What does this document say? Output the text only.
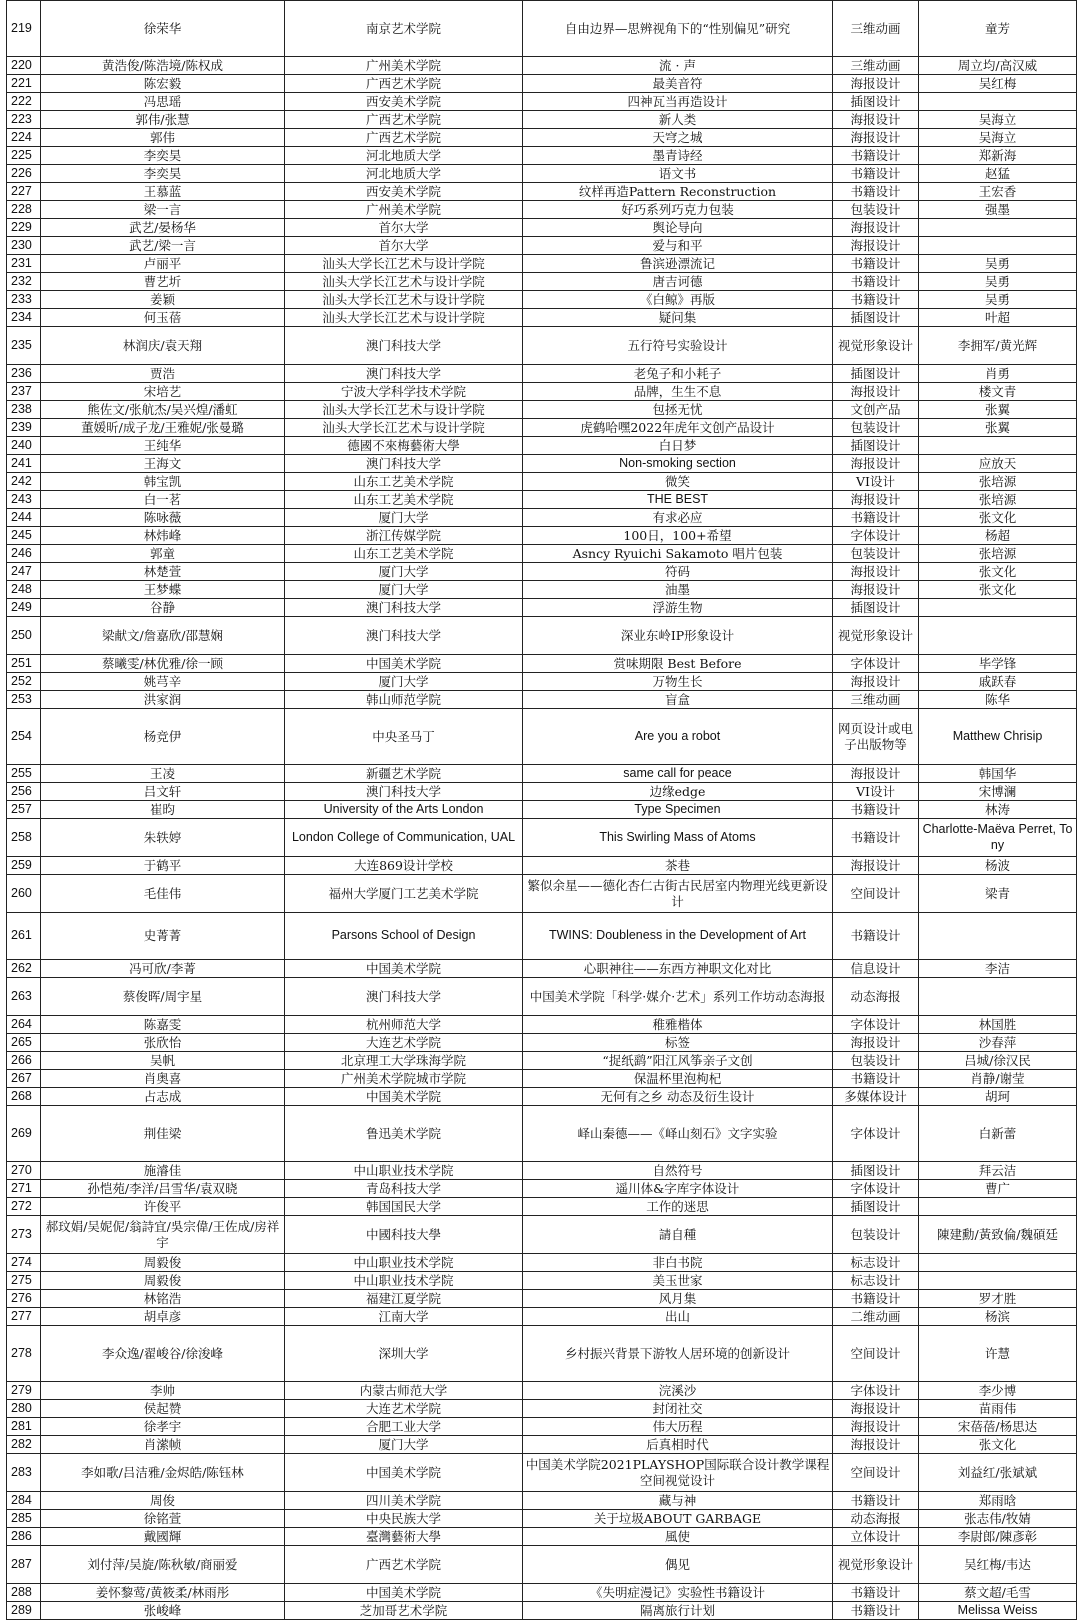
219	徐荣华	南京艺术学院	自由边界—思辨视角下的“性别偏见”研究	三维动画	童芳
220	黄浩俊/陈浩境/陈权成	广州美术学院	流 · 声	三维动画	周立均/高汉威
221	陈宏毅	广西艺术学院	最美音符	海报设计	吴红梅
222	冯思瑶	西安美术学院	四神瓦当再造设计	插图设计	
223	郭伟/张慧	广西艺术学院	新人类	海报设计	吴海立
224	郭伟	广西艺术学院	天穹之城	海报设计	吴海立
225	李奕昊	河北地质大学	墨青诗经	书籍设计	郑新海
226	李奕昊	河北地质大学	语文书	书籍设计	赵猛
227	王慕蓝	西安美术学院	纹样再造Pattern Reconstruction	书籍设计	王宏香
228	梁一言	广州美术学院	好巧系列巧克力包装	包装设计	强墨
229	武艺/晏杨华	首尔大学	舆论导向	海报设计	
230	武艺/梁一言	首尔大学	爱与和平	海报设计	
231	卢丽平	汕头大学长江艺术与设计学院	鲁滨逊漂流记	书籍设计	吴勇
232	曹艺圻	汕头大学长江艺术与设计学院	唐吉诃德	书籍设计	吴勇
233	姜颖	汕头大学长江艺术与设计学院	《白鲸》再版	书籍设计	吴勇
234	何玉蓓	汕头大学长江艺术与设计学院	疑问集	插图设计	叶超
235	林润庆/袁天翔	澳门科技大学	五行符号实验设计	视觉形象设计	李拥军/黄光辉
236	贾浩	澳门科技大学	老兔子和小耗子	插图设计	肖勇
237	宋培艺	宁波大学科学技术学院	品牌，生生不息	海报设计	楼文青
238	熊佐文/张航杰/吴兴煌/潘虹	汕头大学长江艺术与设计学院	包拯无忧	文创产品	张翼
239	董媛昕/成子龙/王雅妮/张曼璐	汕头大学长江艺术与设计学院	虎鹤哈嘿2022年虎年文创产品设计	包装设计	张翼
240	王纯华	德國不來梅藝術大學	白日梦	插图设计	
241	王海文	澳门科技大学	Non-smoking section	海报设计	应放天
242	韩宝凯	山东工艺美术学院	微笑	VI设计	张培源
243	白一茗	山东工艺美术学院	THE BEST	海报设计	张培源
244	陈咏薇	厦门大学	有求必应	书籍设计	张文化
245	林炜峰	浙江传媒学院	100日，100+希望	字体设计	杨超
246	郭童	山东工艺美术学院	Asncy Ryuichi Sakamoto 唱片包装	包装设计	张培源
247	林楚萱	厦门大学	符码	海报设计	张文化
248	王梦蝶	厦门大学	油墨	海报设计	张文化
249	谷静	澳门科技大学	浮游生物	插图设计	
250	梁献文/詹嘉欣/邵慧娴	澳门科技大学	深业东岭IP形象设计	视觉形象设计	
251	蔡曦雯/林优雅/徐一顾	中国美术学院	赏味期限 Best Before	字体设计	毕学锋
252	姚芎辛	厦门大学	万物生长	海报设计	戚跃春
253	洪家润	韩山师范学院	盲盒	三维动画	陈华
254	杨竞伊	中央圣马丁	Are you a robot	网页设计或电子出版物等	Matthew Chrisip
255	王凌	新疆艺术学院	same call for peace	海报设计	韩国华
256	吕文轩	澳门科技大学	边缘edge	VI设计	宋博澜
257	崔昀	University of the Arts London	Type Specimen	书籍设计	林涛
258	朱轶婷	London College of Communication, UAL	This Swirling Mass of Atoms	书籍设计	Charlotte-Maëva Perret, Tony
259	于鹤平	大连869设计学校	茶巷	海报设计	杨波
260	毛佳伟	福州大学厦门工艺美术学院	繁似余星——德化杏仁古街古民居室内物理光线更新设计	空间设计	梁青
261	史菁菁	Parsons School of Design	TWINS: Doubleness in the Development of Art	书籍设计	
262	冯可欣/李菁	中国美术学院	心职神往——东西方神职文化对比	信息设计	李洁
263	蔡俊晖/周宇星	澳门科技大学	中国美术学院「科学·媒介·艺术」系列工作坊动态海报	动态海报	
264	陈嘉雯	杭州师范大学	稚雅楷体	字体设计	林国胜
265	张欣怡	大连艺术学院	标签	海报设计	沙春萍
266	吴帆	北京理工大学珠海学院	“捉纸鹞”阳江风筝亲子文创	包装设计	吕城/徐汉民
267	肖奥喜	广州美术学院城市学院	保温杯里泡枸杞	书籍设计	肖静/谢莹
268	占志成	中国美术学院	无何有之乡 动态及衍生设计	多媒体设计	胡珂
269	荆佳梁	鲁迅美术学院	峄山秦德——《峄山刻石》文字实验	字体设计	白新蕾
270	施濬佳	中山职业技术学院	自然符号	插图设计	拜云洁
271	孙恺苑/李洋/吕雪华/袁双晓	青岛科技大学	遥川体&字库字体设计	字体设计	曹广
272	许俊平	韩国国民大学	工作的迷思	插图设计	
273	郝玟娟/吴妮伲/翁詩宜/吳宗偉/王佐成/房祥宇	中國科技大學	請自種	包装设计	陳建勳/黃致倫/魏碩廷
274	周毅俊	中山职业技术学院	非白书院	标志设计	
275	周毅俊	中山职业技术学院	美玉世家	标志设计	
276	林铭浩	福建江夏学院	风月集	书籍设计	罗才胜
277	胡卓彦	江南大学	出山	二维动画	杨滨
278	李众逸/翟峻谷/徐浚峰	深圳大学	乡村振兴背景下游牧人居环境的创新设计	空间设计	许慧
279	李帅	内蒙古师范大学	浣溪沙	字体设计	李少博
280	侯起赞	大连艺术学院	封闭社交	海报设计	苗雨伟
281	徐孝宇	合肥工业大学	伟大历程	海报设计	宋蓓蓓/杨思达
282	肖潆帧	厦门大学	后真相时代	海报设计	张文化
283	李如歌/吕洁雅/金烬皓/陈钰林	中国美术学院	中国美术学院2021PLAYSHOP国际联合设计教学课程空间视觉设计	空间设计	刘益红/张斌斌
284	周俊	四川美术学院	藏与神	书籍设计	郑雨晗
285	徐铭萱	中央民族大学	关于垃圾ABOUT GARBAGE	动态海报	张志伟/牧婧
286	戴國輝	臺灣藝術大學	風使	立体设计	李尉郎/陳彥彰
287	刘付萍/吴旋/陈秋敏/商丽爱	广西艺术学院	偶见	视觉形象设计	吴红梅/韦达
288	姜怀黎莺/黄筱柔/林雨彤	中国美术学院	《失明症漫记》实验性书籍设计	书籍设计	蔡文超/毛雪
289	张峻峰	芝加哥艺术学院	隔离旅行计划	书籍设计	Melissa Weiss
